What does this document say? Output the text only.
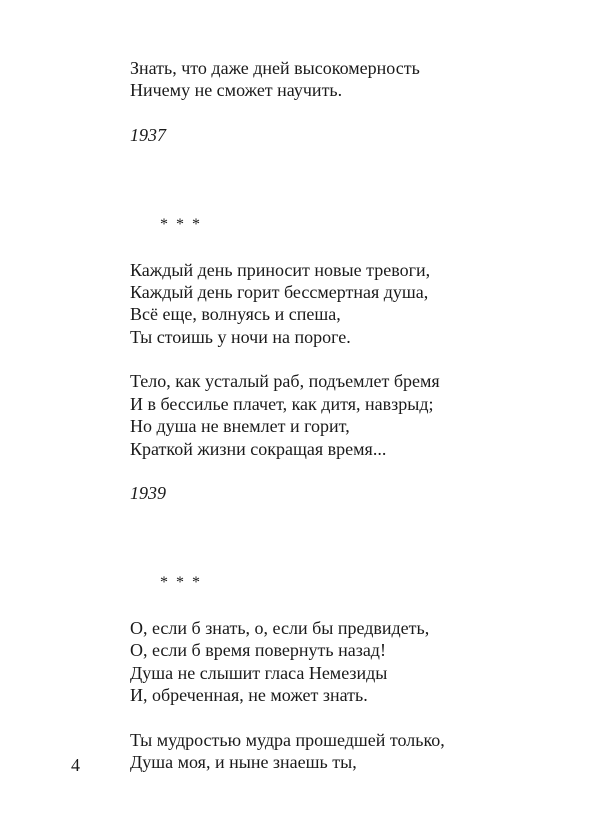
Знать, что даже дней высокомерность
Ничему не сможет научить.
1937
* * *
Каждый день приносит новые тревоги,
Каждый день горит бессмертная душа,
Всё еще, волнуясь и спеша,
Ты стоишь у ночи на пороге.
Тело, как усталый раб, подъемлет бремя
И в бессилье плачет, как дитя, навзрыд;
Но душа не внемлет и горит,
Краткой жизни сокращая время...
1939
* * *
О, если б знать, о, если бы предвидеть,
О, если б время повернуть назад!
Душа не слышит гласа Немезиды
И, обреченная, не может знать.
Ты мудростью мудра прошедшей только,
Душа моя, и ныне знаешь ты,
4
